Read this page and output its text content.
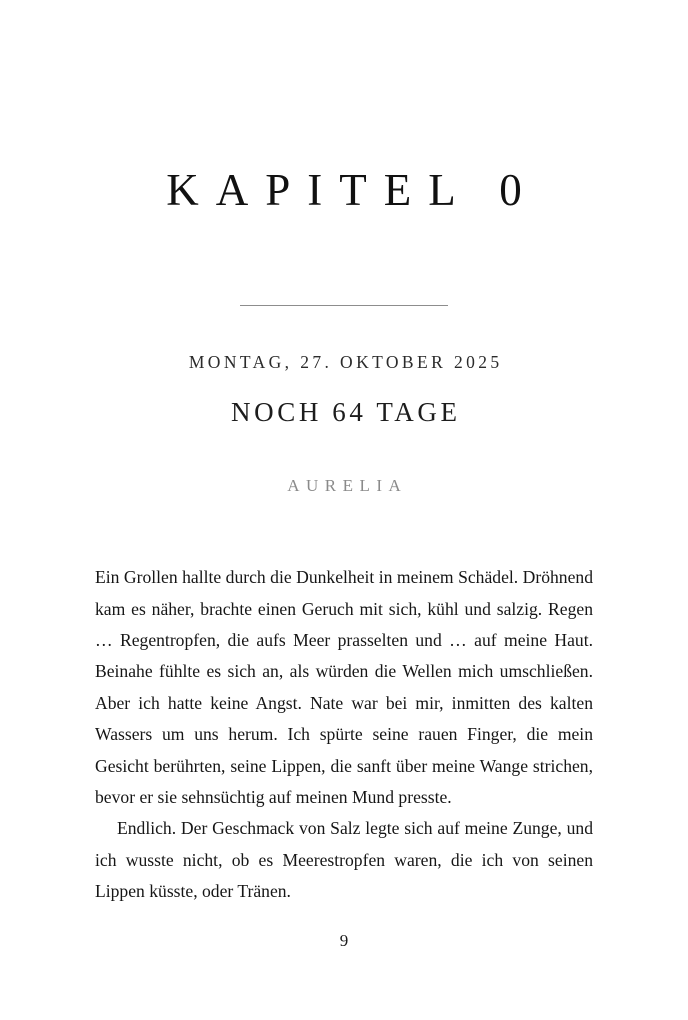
KAPITEL 0
MONTAG, 27. OKTOBER 2025
NOCH 64 TAGE
AURELIA

Ein Grollen hallte durch die Dunkelheit in meinem Schädel. Dröhnend kam es näher, brachte einen Geruch mit sich, kühl und salzig. Regen … Regentropfen, die aufs Meer prasselten und … auf meine Haut. Beinahe fühlte es sich an, als würden die Wellen mich umschließen. Aber ich hatte keine Angst. Nate war bei mir, inmitten des kalten Wassers um uns herum. Ich spürte seine rauen Finger, die mein Gesicht berührten, seine Lippen, die sanft über meine Wange strichen, bevor er sie sehnsüchtig auf meinen Mund presste.

Endlich. Der Geschmack von Salz legte sich auf meine Zunge, und ich wusste nicht, ob es Meerestropfen waren, die ich von seinen Lippen küsste, oder Tränen.

9
